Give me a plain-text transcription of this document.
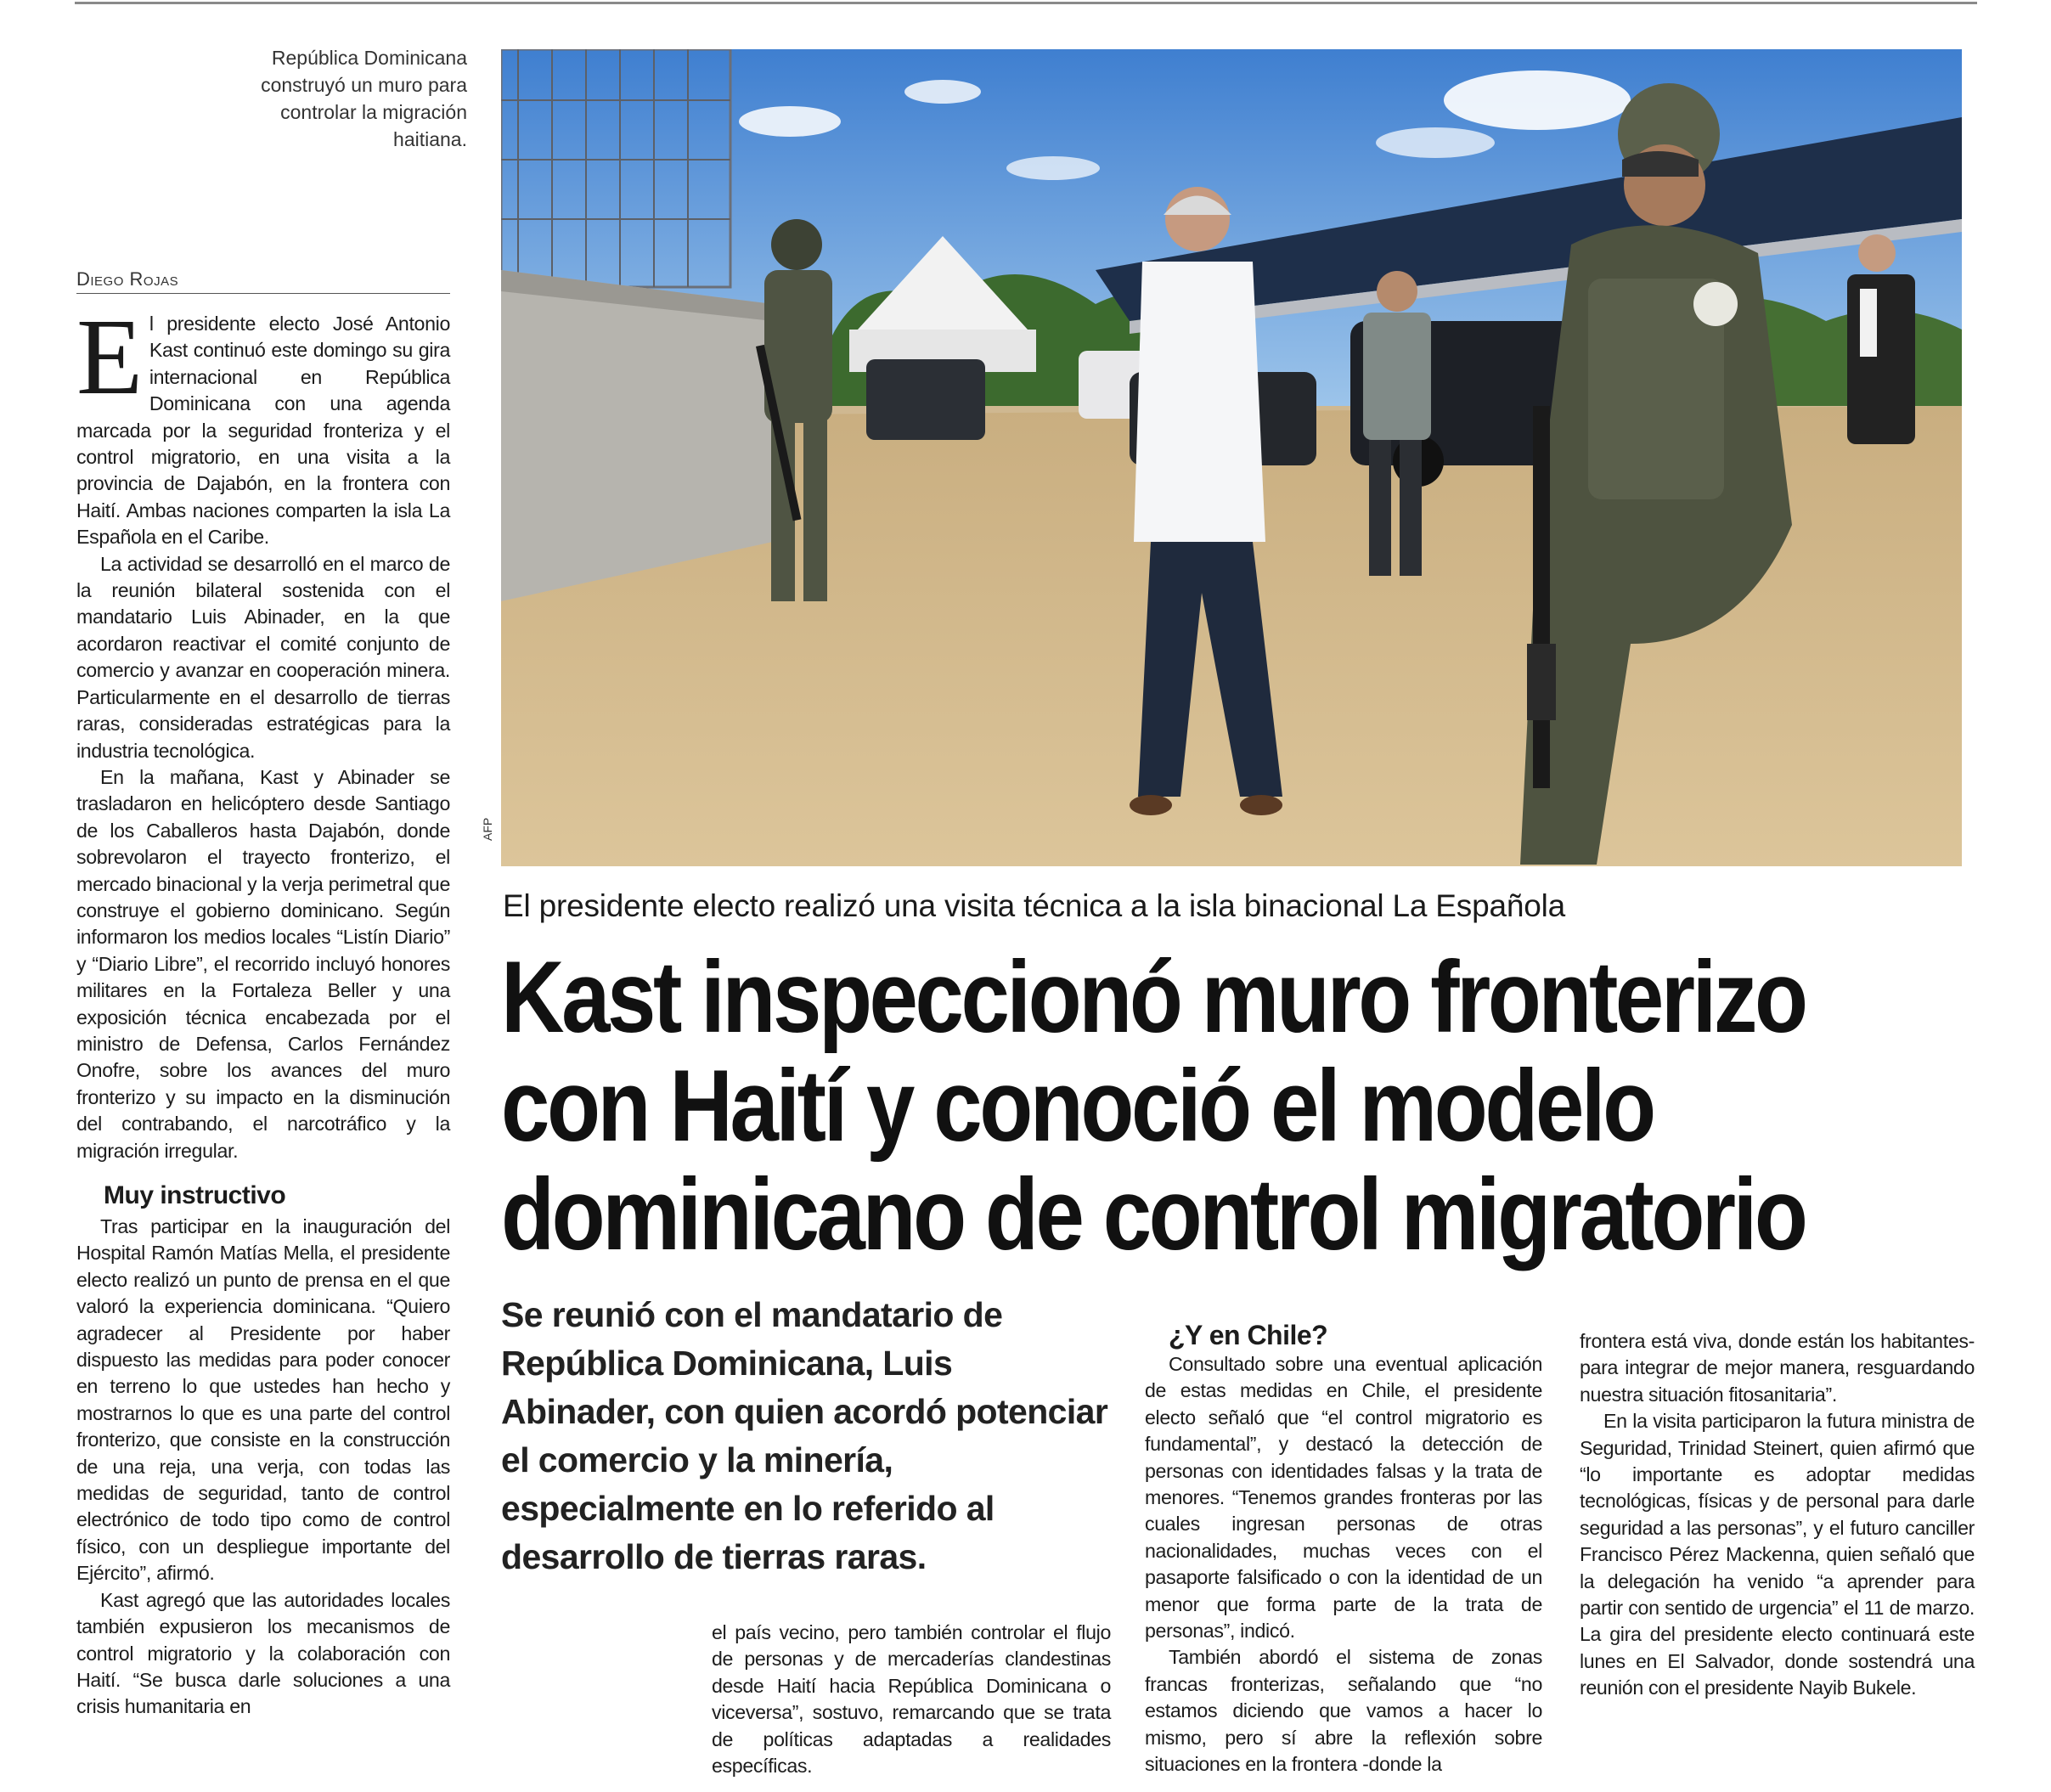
República Dominicana construyó un muro para controlar la migración haitiana.
Diego Rojas

El presidente electo José Antonio Kast continuó este domingo su gira internacional en República Dominicana con una agenda marcada por la seguridad fronteriza y el control migratorio, en una visita a la provincia de Dajabón, en la frontera con Haití. Ambas naciones comparten la isla La Española en el Caribe.

La actividad se desarrolló en el marco de la reunión bilateral sostenida con el mandatario Luis Abinader, en la que acordaron reactivar el comité conjunto de comercio y avanzar en cooperación minera. Particularmente en el desarrollo de tierras raras, consideradas estratégicas para la industria tecnológica.

En la mañana, Kast y Abinader se trasladaron en helicóptero desde Santiago de los Caballeros hasta Dajabón, donde sobrevolaron el trayecto fronterizo, el mercado binacional y la verja perimetral que construye el gobierno dominicano. Según informaron los medios locales “Listín Diario” y “Diario Libre”, el recorrido incluyó honores militares en la Fortaleza Beller y una exposición técnica encabezada por el ministro de Defensa, Carlos Fernández Onofre, sobre los avances del muro fronterizo y su impacto en la disminución del contrabando, el narcotráfico y la migración irregular.

Muy instructivo

Tras participar en la inauguración del Hospital Ramón Matías Mella, el presidente electo realizó un punto de prensa en el que valoró la experiencia dominicana. “Quiero agradecer al Presidente por haber dispuesto las medidas para poder conocer en terreno lo que ustedes han hecho y mostrarnos lo que es una parte del control fronterizo, que consiste en la construcción de una reja, una verja, con todas las medidas de seguridad, tanto de control electrónico de todo tipo como de control físico, con un despliegue importante del Ejército”, afirmó.

Kast agregó que las autoridades locales también expusieron los mecanismos de control migratorio y la colaboración con Haití. “Se busca darle soluciones a una crisis humanitaria en

AFP
El presidente electo realizó una visita técnica a la isla binacional La Española
Kast inspeccionó muro fronterizo
con Haití y conoció el modelo
dominicano de control migratorio
Se reunió con el mandatario de República Dominicana, Luis Abinader, con quien acordó potenciar el comercio y la minería, especialmente en lo referido al desarrollo de tierras raras.

el país vecino, pero también controlar el flujo de personas y de mercaderías clandestinas desde Haití hacia República Dominicana o viceversa”, sostuvo, remarcando que se trata de políticas adaptadas a realidades específicas.

¿Y en Chile?

Consultado sobre una eventual aplicación de estas medidas en Chile, el presidente electo señaló que “el control migratorio es fundamental”, y destacó la detección de personas con identidades falsas y la trata de menores. “Tenemos grandes fronteras por las cuales ingresan personas de otras nacionalidades, muchas veces con el pasaporte falsificado o con la identidad de un menor que forma parte de la trata de personas”, indicó.

También abordó el sistema de zonas francas fronterizas, señalando que “no estamos diciendo que vamos a hacer lo mismo, pero sí abre la reflexión sobre situaciones en la frontera -donde la

frontera está viva, donde están los habitantes- para integrar de mejor manera, resguardando nuestra situación fitosanitaria”.

En la visita participaron la futura ministra de Seguridad, Trinidad Steinert, quien afirmó que “lo importante es adoptar medidas tecnológicas, físicas y de personal para darle seguridad a las personas”, y el futuro canciller Francisco Pérez Mackenna, quien señaló que la delegación ha venido “a aprender para partir con sentido de urgencia” el 11 de marzo. La gira del presidente electo continuará este lunes en El Salvador, donde sostendrá una reunión con el presidente Nayib Bukele.
